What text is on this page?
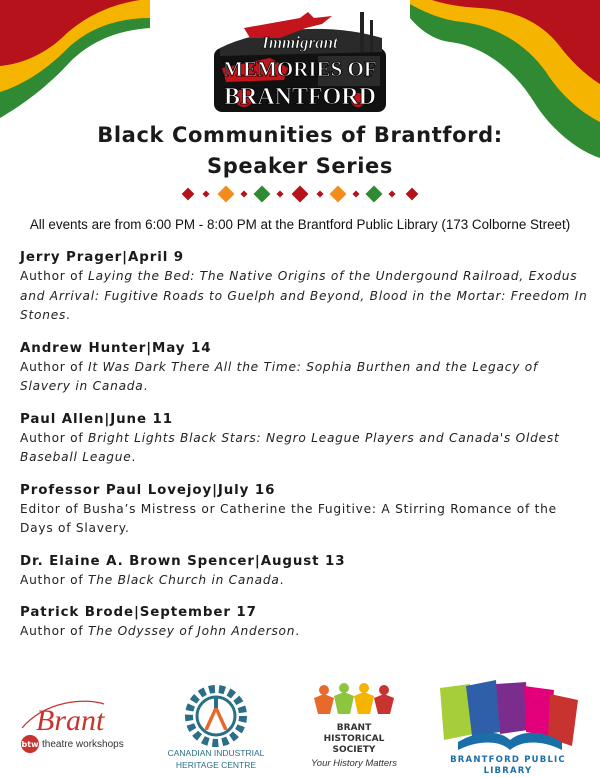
Immigrant
MEMORIES OF
BRANTFORD
Black Communities of Brantford:
Speaker Series
All events are from 6:00 PM - 8:00 PM at the Brantford Public Library (173 Colborne Street)
Jerry Prager|April 9
Author of Laying the Bed: The Native Origins of the Undergound Railroad, Exodus and Arrival: Fugitive Roads to Guelph and Beyond, Blood in the Mortar: Freedom In Stones.
Andrew Hunter|May 14
Author of It Was Dark There All the Time: Sophia Burthen and the Legacy of Slavery in Canada.
Paul Allen|June 11
Author of Bright Lights Black Stars: Negro League Players and Canada's Oldest Baseball League.
Professor Paul Lovejoy|July 16
Editor of Busha’s Mistress or Catherine the Fugitive: A Stirring Romance of the Days of Slavery.
Dr. Elaine A. Brown Spencer|August 13
Author of The Black Church in Canada.
Patrick Brode|September 17
Author of The Odyssey of John Anderson.
Brant
btw theatre workshops
CANADIAN INDUSTRIAL
HERITAGE CENTRE
BRANT
HISTORICAL
SOCIETY
Your History Matters	BRANTFORD PUBLIC
LIBRARY
